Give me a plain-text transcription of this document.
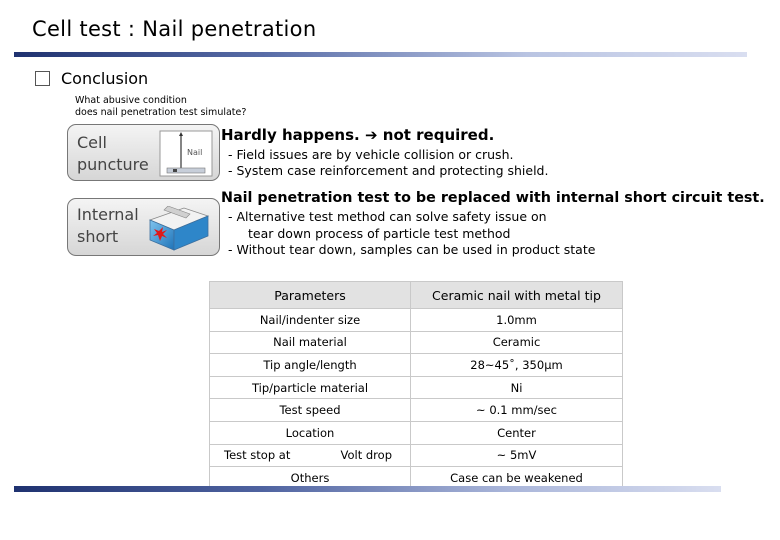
Cell test : Nail penetration
Conclusion
What abusive condition
does nail penetration test simulate?
Cell
puncture
Nail
Internal
short
Hardly happens. ➔ not required.
- Field issues are by vehicle collision or crush.
- System case reinforcement and protecting shield.
Nail penetration test to be replaced with internal short circuit test.
- Alternative test method can solve safety issue on
tear down process of particle test method
- Without tear down, samples can be used in product state
Parameters	Ceramic nail with metal tip
Nail/indenter size	1.0mm
Nail material	Ceramic
Tip angle/length	28~45˚, 350μm
Tip/particle material	Ni
Test speed	~ 0.1 mm/sec
Location	Center

Test stop at Volt drop	~ 5mV
Others	Case can be weakened
